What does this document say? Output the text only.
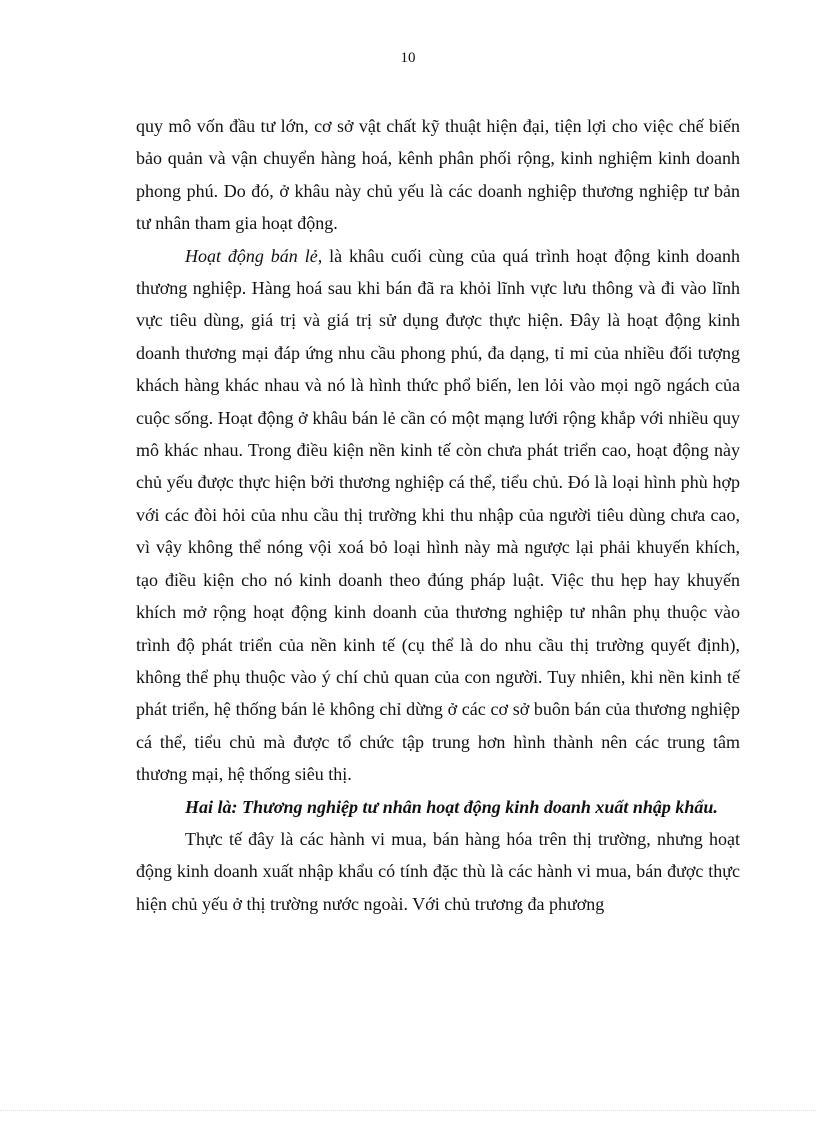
10

quy mô vốn đầu tư lớn, cơ sở vật chất kỹ thuật hiện đại, tiện lợi cho việc chế biến bảo quản và vận chuyển hàng hoá, kênh phân phối rộng, kinh nghiệm kinh doanh phong phú. Do đó, ở khâu này chủ yếu là các doanh nghiệp thương nghiệp tư bản tư nhân tham gia hoạt động.

Hoạt động bán lẻ, là khâu cuối cùng của quá trình hoạt động kinh doanh thương nghiệp. Hàng hoá sau khi bán đã ra khỏi lĩnh vực lưu thông và đi vào lĩnh vực tiêu dùng, giá trị và giá trị sử dụng được thực hiện. Đây là hoạt động kinh doanh thương mại đáp ứng nhu cầu phong phú, đa dạng, tỉ mỉ của nhiều đối tượng khách hàng khác nhau và nó là hình thức phổ biến, len lỏi vào mọi ngõ ngách của cuộc sống. Hoạt động ở khâu bán lẻ cần có một mạng lưới rộng khắp với nhiều quy mô khác nhau. Trong điều kiện nền kinh tế còn chưa phát triển cao, hoạt động này chủ yếu được thực hiện bởi thương nghiệp cá thể, tiểu chủ. Đó là loại hình phù hợp với các đòi hỏi của nhu cầu thị trường khi thu nhập của người tiêu dùng chưa cao, vì vậy không thể nóng vội xoá bỏ loại hình này mà ngược lại phải khuyến khích, tạo điều kiện cho nó kinh doanh theo đúng pháp luật. Việc thu hẹp hay khuyến khích mở rộng hoạt động kinh doanh của thương nghiệp tư nhân phụ thuộc vào trình độ phát triển của nền kinh tế (cụ thể là do nhu cầu thị trường quyết định), không thể phụ thuộc vào ý chí chủ quan của con người. Tuy nhiên, khi nền kinh tế phát triển, hệ thống bán lẻ không chỉ dừng ở các cơ sở buôn bán của thương nghiệp cá thể, tiểu chủ mà được tổ chức tập trung hơn hình thành nên các trung tâm thương mại, hệ thống siêu thị.

Hai là: Thương nghiệp tư nhân hoạt động kinh doanh xuất nhập khẩu.

Thực tế đây là các hành vi mua, bán hàng hóa trên thị trường, nhưng hoạt động kinh doanh xuất nhập khẩu có tính đặc thù là các hành vi mua, bán được thực hiện chủ yếu ở thị trường nước ngoài. Với chủ trương đa phương
